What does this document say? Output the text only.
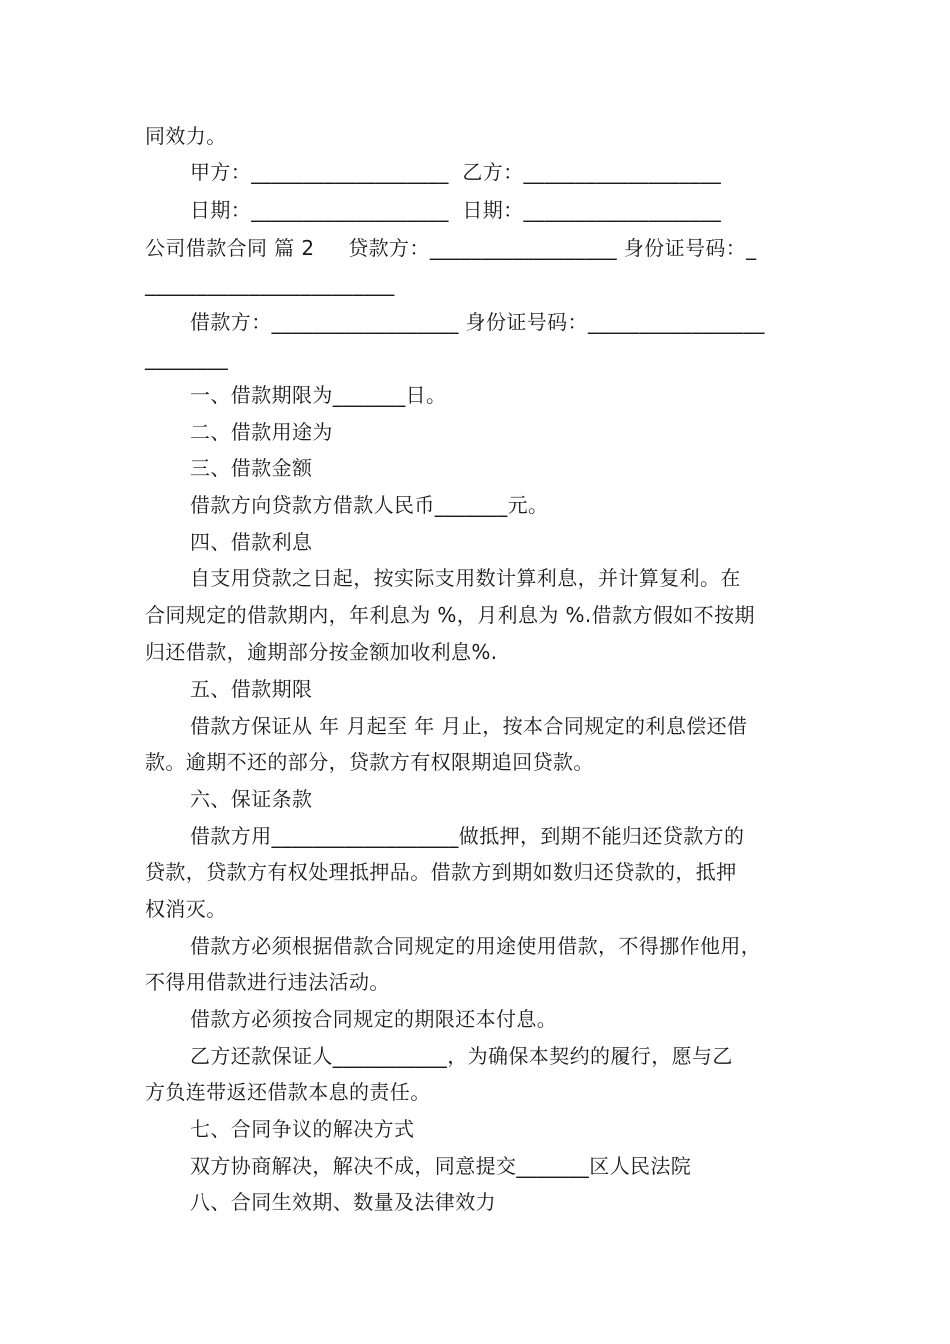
同效力。
甲方：___________________  乙方：___________________
日期：___________________  日期：___________________
公司借款合同 篇 2     贷款方：__________________ 身份证号码：_
________________________
借款方：__________________ 身份证号码：_________________
________
一、借款期限为_______日。
二、借款用途为
三、借款金额
借款方向贷款方借款人民币_______元。
四、借款利息
自支用贷款之日起，按实际支用数计算利息，并计算复利。在
合同规定的借款期内，年利息为 %，月利息为 %.借款方假如不按期
归还借款，逾期部分按金额加收利息%.
五、借款期限
借款方保证从 年 月起至 年 月止，按本合同规定的利息偿还借
款。逾期不还的部分，贷款方有权限期追回贷款。
六、保证条款
借款方用__________________做抵押，到期不能归还贷款方的
贷款，贷款方有权处理抵押品。借款方到期如数归还贷款的，抵押
权消灭。
借款方必须根据借款合同规定的用途使用借款，不得挪作他用，
不得用借款进行违法活动。
借款方必须按合同规定的期限还本付息。
乙方还款保证人___________，为确保本契约的履行，愿与乙
方负连带返还借款本息的责任。
七、合同争议的解决方式
双方协商解决，解决不成，同意提交_______区人民法院
八、合同生效期、数量及法律效力
